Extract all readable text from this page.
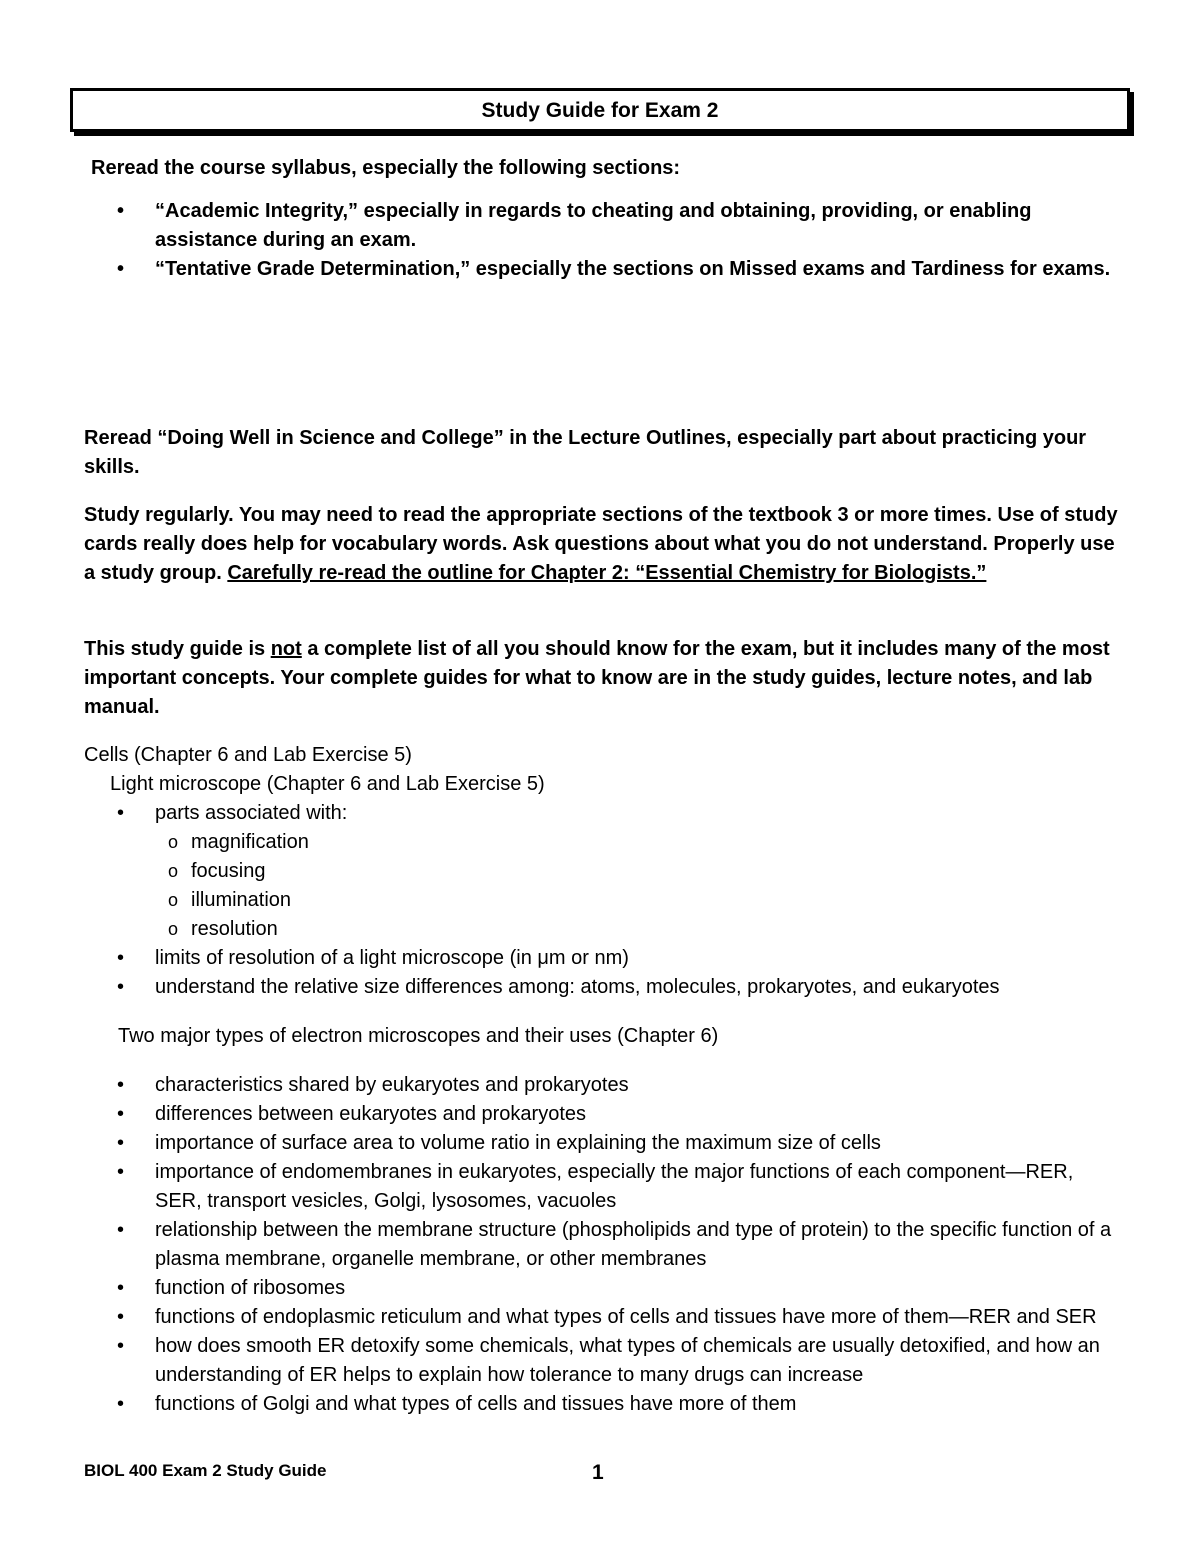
Study Guide for Exam 2

Reread the course syllabus, especially the following sections:

• “Academic Integrity,” especially in regards to cheating and obtaining, providing, or enabling assistance during an exam.
• “Tentative Grade Determination,” especially the sections on Missed exams and Tardiness for exams.

Reread “Doing Well in Science and College” in the Lecture Outlines, especially part about practicing your skills.

Study regularly. You may need to read the appropriate sections of the textbook 3 or more times. Use of study cards really does help for vocabulary words. Ask questions about what you do not understand. Properly use a study group. Carefully re-read the outline for Chapter 2: “Essential Chemistry for Biologists.”

This study guide is not a complete list of all you should know for the exam, but it includes many of the most important concepts. Your complete guides for what to know are in the study guides, lecture notes, and lab manual.

Cells (Chapter 6 and Lab Exercise 5)

Light microscope (Chapter 6 and Lab Exercise 5)

• parts associated with:
o magnification
o focusing
o illumination
o resolution
• limits of resolution of a light microscope (in μm or nm)
• understand the relative size differences among: atoms, molecules, prokaryotes, and eukaryotes

Two major types of electron microscopes and their uses (Chapter 6)

• characteristics shared by eukaryotes and prokaryotes
• differences between eukaryotes and prokaryotes
• importance of surface area to volume ratio in explaining the maximum size of cells
• importance of endomembranes in eukaryotes, especially the major functions of each component—RER, SER, transport vesicles, Golgi, lysosomes, vacuoles
• relationship between the membrane structure (phospholipids and type of protein) to the specific function of a plasma membrane, organelle membrane, or other membranes
• function of ribosomes
• functions of endoplasmic reticulum and what types of cells and tissues have more of them—RER and SER
• how does smooth ER detoxify some chemicals, what types of chemicals are usually detoxified, and how an understanding of ER helps to explain how tolerance to many drugs can increase
• functions of Golgi and what types of cells and tissues have more of them
BIOL 400 Exam 2 Study Guide	1
